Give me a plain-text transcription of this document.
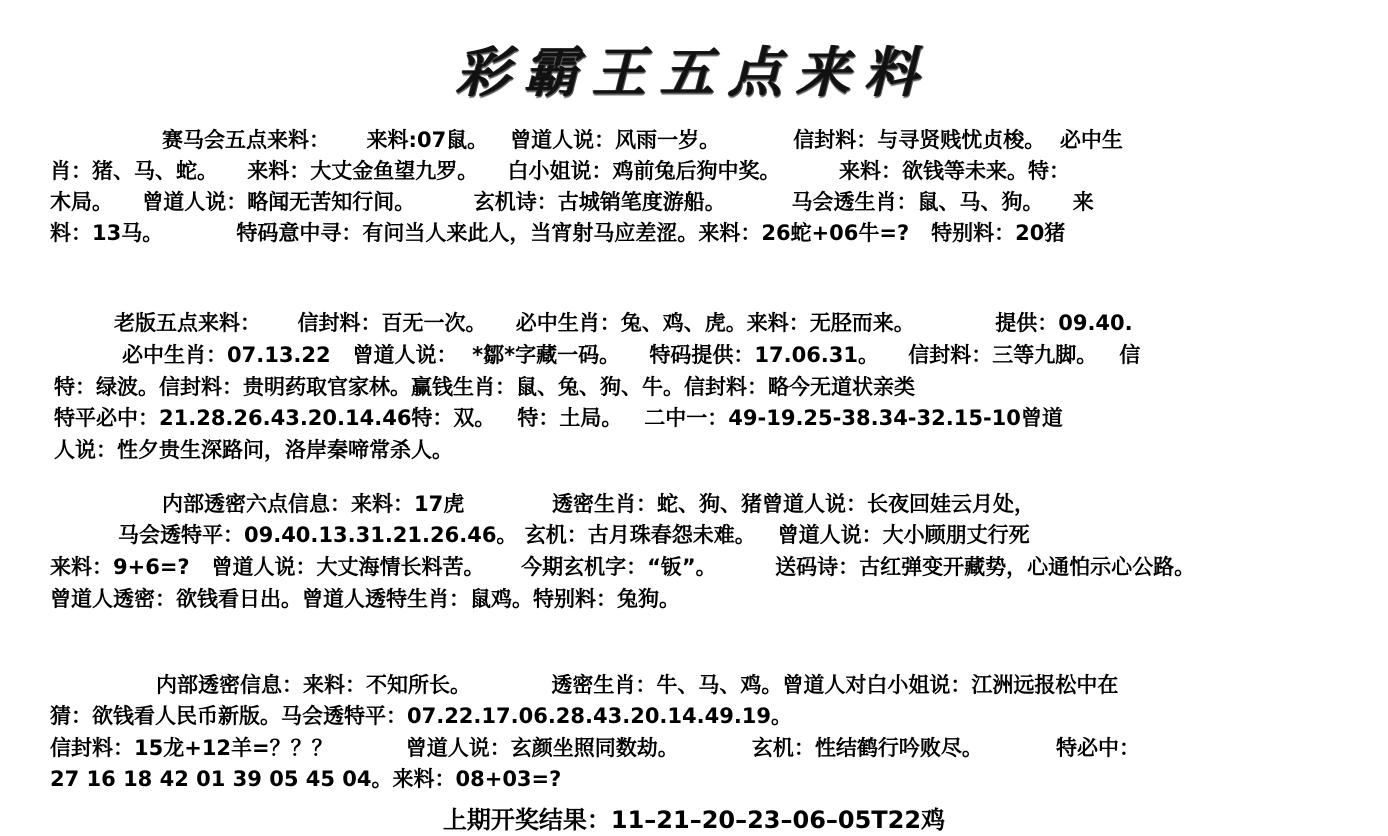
彩霸王五点来料
赛马会五点来料：     来料:07鼠。   曾道人说：风雨一岁。          信封料：与寻贤贱忧贞梭。  必中生
肖：猪、马、蛇。    来料：大丈金鱼望九罗。    白小姐说：鸡前兔后狗中奖。        来料：欲钱等未来。特：
木局。    曾道人说：略闻无苦知行间。        玄机诗：古城销笔度游船。         马会透生肖：鼠、马、狗。    来
料：13马。          特码意中寻：有问当人来此人，当宵射马应差涩。来料：26蛇+06牛=?   特别料：20猪
老版五点来料：     信封料：百无一次。    必中生肖：兔、鸡、虎。来料：无胫而来。           提供：09.40.
必中生肖：07.13.22   曾道人说：  *鄒*字藏一码。    特码提供：17.06.31。    信封料：三等九脚。   信
特：绿波。信封料：贵明药取官家林。赢钱生肖：鼠、兔、狗、牛。信封料：略今无道状亲类
特平必中：21.28.26.43.20.14.46特：双。   特：土局。   二中一：49-19.25-38.34-32.15-10曾道
人说：性夕贵生深路问，洛岸秦啼常杀人。
内部透密六点信息：来料：17虎            透密生肖：蛇、狗、猪曾道人说：长夜回娃云月处，
马会透特平：09.40.13.31.21.26.46。 玄机：古月珠春怨未难。   曾道人说：大小顾朋丈行死
来料：9+6=?   曾道人说：大丈海情长料苦。     今期玄机字：“钣”。        送码诗：古红弹变开藏势，心通怕示心公路。
曾道人透密：欲钱看日出。曾道人透特生肖：鼠鸡。特别料：兔狗。
内部透密信息：来料：不知所长。           透密生肖：牛、马、鸡。曾道人对白小姐说：江洲远报松中在
猜：欲钱看人民币新版。马会透特平：07.22.17.06.28.43.20.14.49.19。
信封料：15龙+12羊=？？？          曾道人说：玄颜坐照同数劫。          玄机：性结鹤行吟败尽。          特必中：
27 16 18 42 01 39 05 45 04。来料：08+03=?
上期开奖结果：11–21–20–23–06–05T22鸡
